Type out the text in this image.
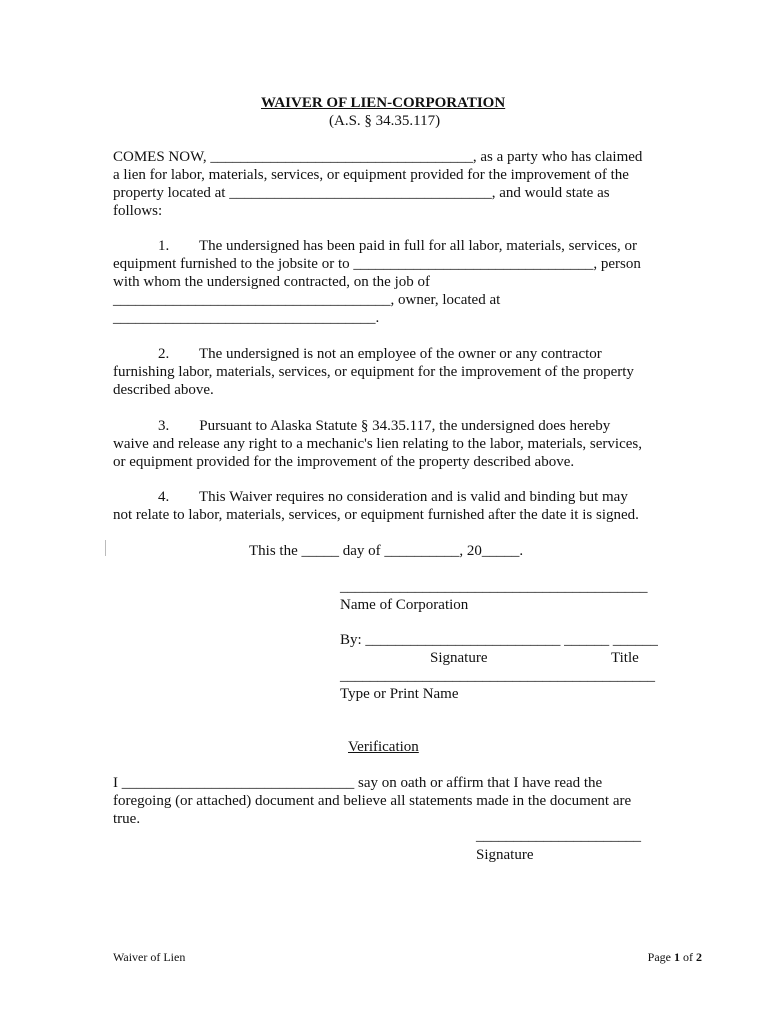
WAIVER OF LIEN-CORPORATION

(A.S. § 34.35.117)

COMES NOW, ___________________________________, as a party who has claimed

a lien for labor, materials, services, or equipment provided for the improvement of the

property located at ___________________________________, and would state as

follows:

1.        The undersigned has been paid in full for all labor, materials, services, or

equipment furnished to the jobsite or to ________________________________, person

with whom the undersigned contracted, on the job of

_____________________________________, owner, located at

___________________________________.

2.        The undersigned is not an employee of the owner or any contractor

furnishing labor, materials, services, or equipment for the improvement of the property

described above.

3.        Pursuant to Alaska Statute § 34.35.117, the undersigned does hereby

waive and release any right to a mechanic's lien relating to the labor, materials, services,

or equipment provided for the improvement of the property described above.

4.        This Waiver requires no consideration and is valid and binding but may

not relate to labor, materials, services, or equipment furnished after the date it is signed.

This the _____ day of __________, 20_____.

_________________________________________

Name of Corporation

By: __________________________ ______ ______

Signature	Title

__________________________________________

Type or Print Name

Verification

I _______________________________ say on oath or affirm that I have read the

foregoing (or attached) document and believe all statements made in the document are

true.

______________________

Signature

Waiver of Lien	Page 1 of 2
